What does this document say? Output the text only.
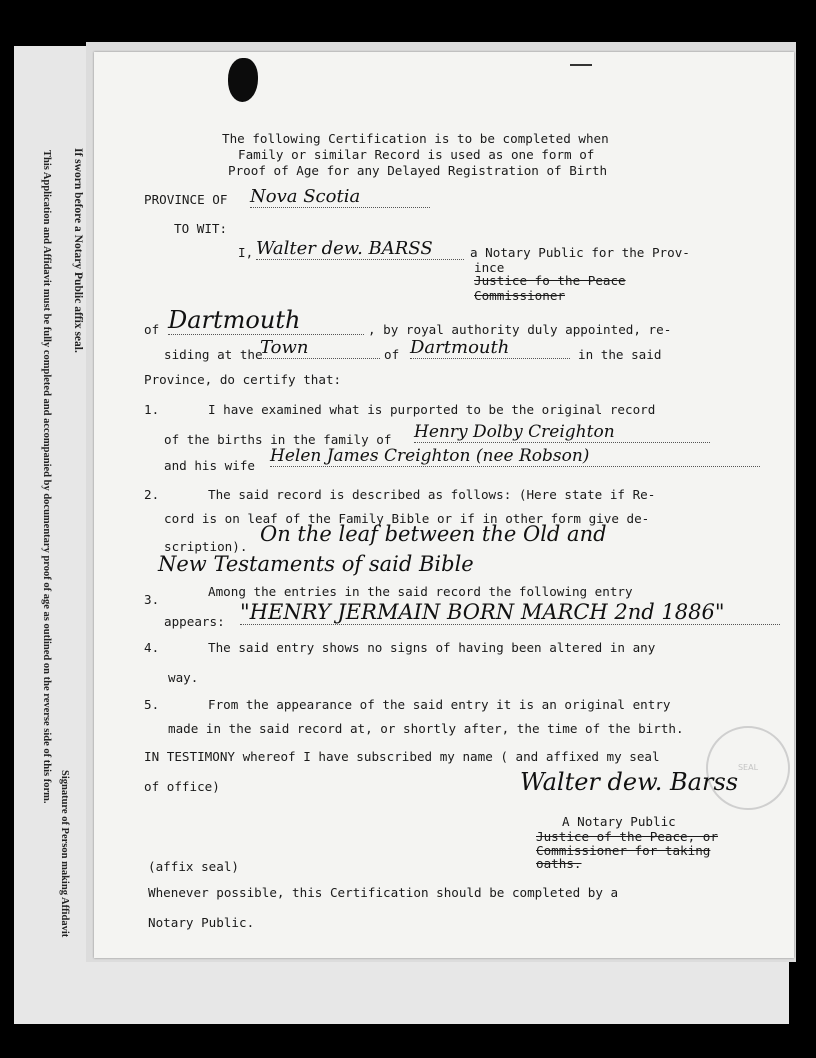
If sworn before a Notary Public affix seal.
This Application and Affidavit must be fully completed and accompanied by documentary proof of age as outlined on the reverse side of this form.
Signature of Person making Affidavit
The following Certification is to be completed when
Family or similar Record is used as one form of
Proof of Age for any Delayed Registration of Birth
PROVINCE OF Nova Scotia
TO WIT:
I, Walter dew. BARSS	a Notary Public for the Prov-
ince
Justice fo the Peace
Commissioner
of Dartmouth	, by royal authority duly appointed, re-
siding at the
Town	of Dartmouth	in the said
Province, do certify that:
1.	I have examined what is purported to be the original record
of the births in the family of Henry Dolby Creighton
and his wife Helen James Creighton (nee Robson)
2.	The said record is described as follows: (Here state if Re-
cord is on leaf of the Family Bible or if in other form give de-
scription).
On the leaf between the Old and
New Testaments of said Bible
3.
Among the entries in the said record the following entry
appears: "HENRY JERMAIN BORN MARCH 2nd 1886"
4.	The said entry shows no signs of having been altered in any
way.
5.	From the appearance of the said entry it is an original entry
made in the said record at, or shortly after, the time of the birth.
IN TESTIMONY whereof I have subscribed my name ( and affixed my seal
of office)
SEAL
Walter dew. Barss
A Notary Public
Justice of the Peace, or
Commissioner for taking
oaths.
(affix seal)
Whenever possible, this Certification should be completed by a
Notary Public.
